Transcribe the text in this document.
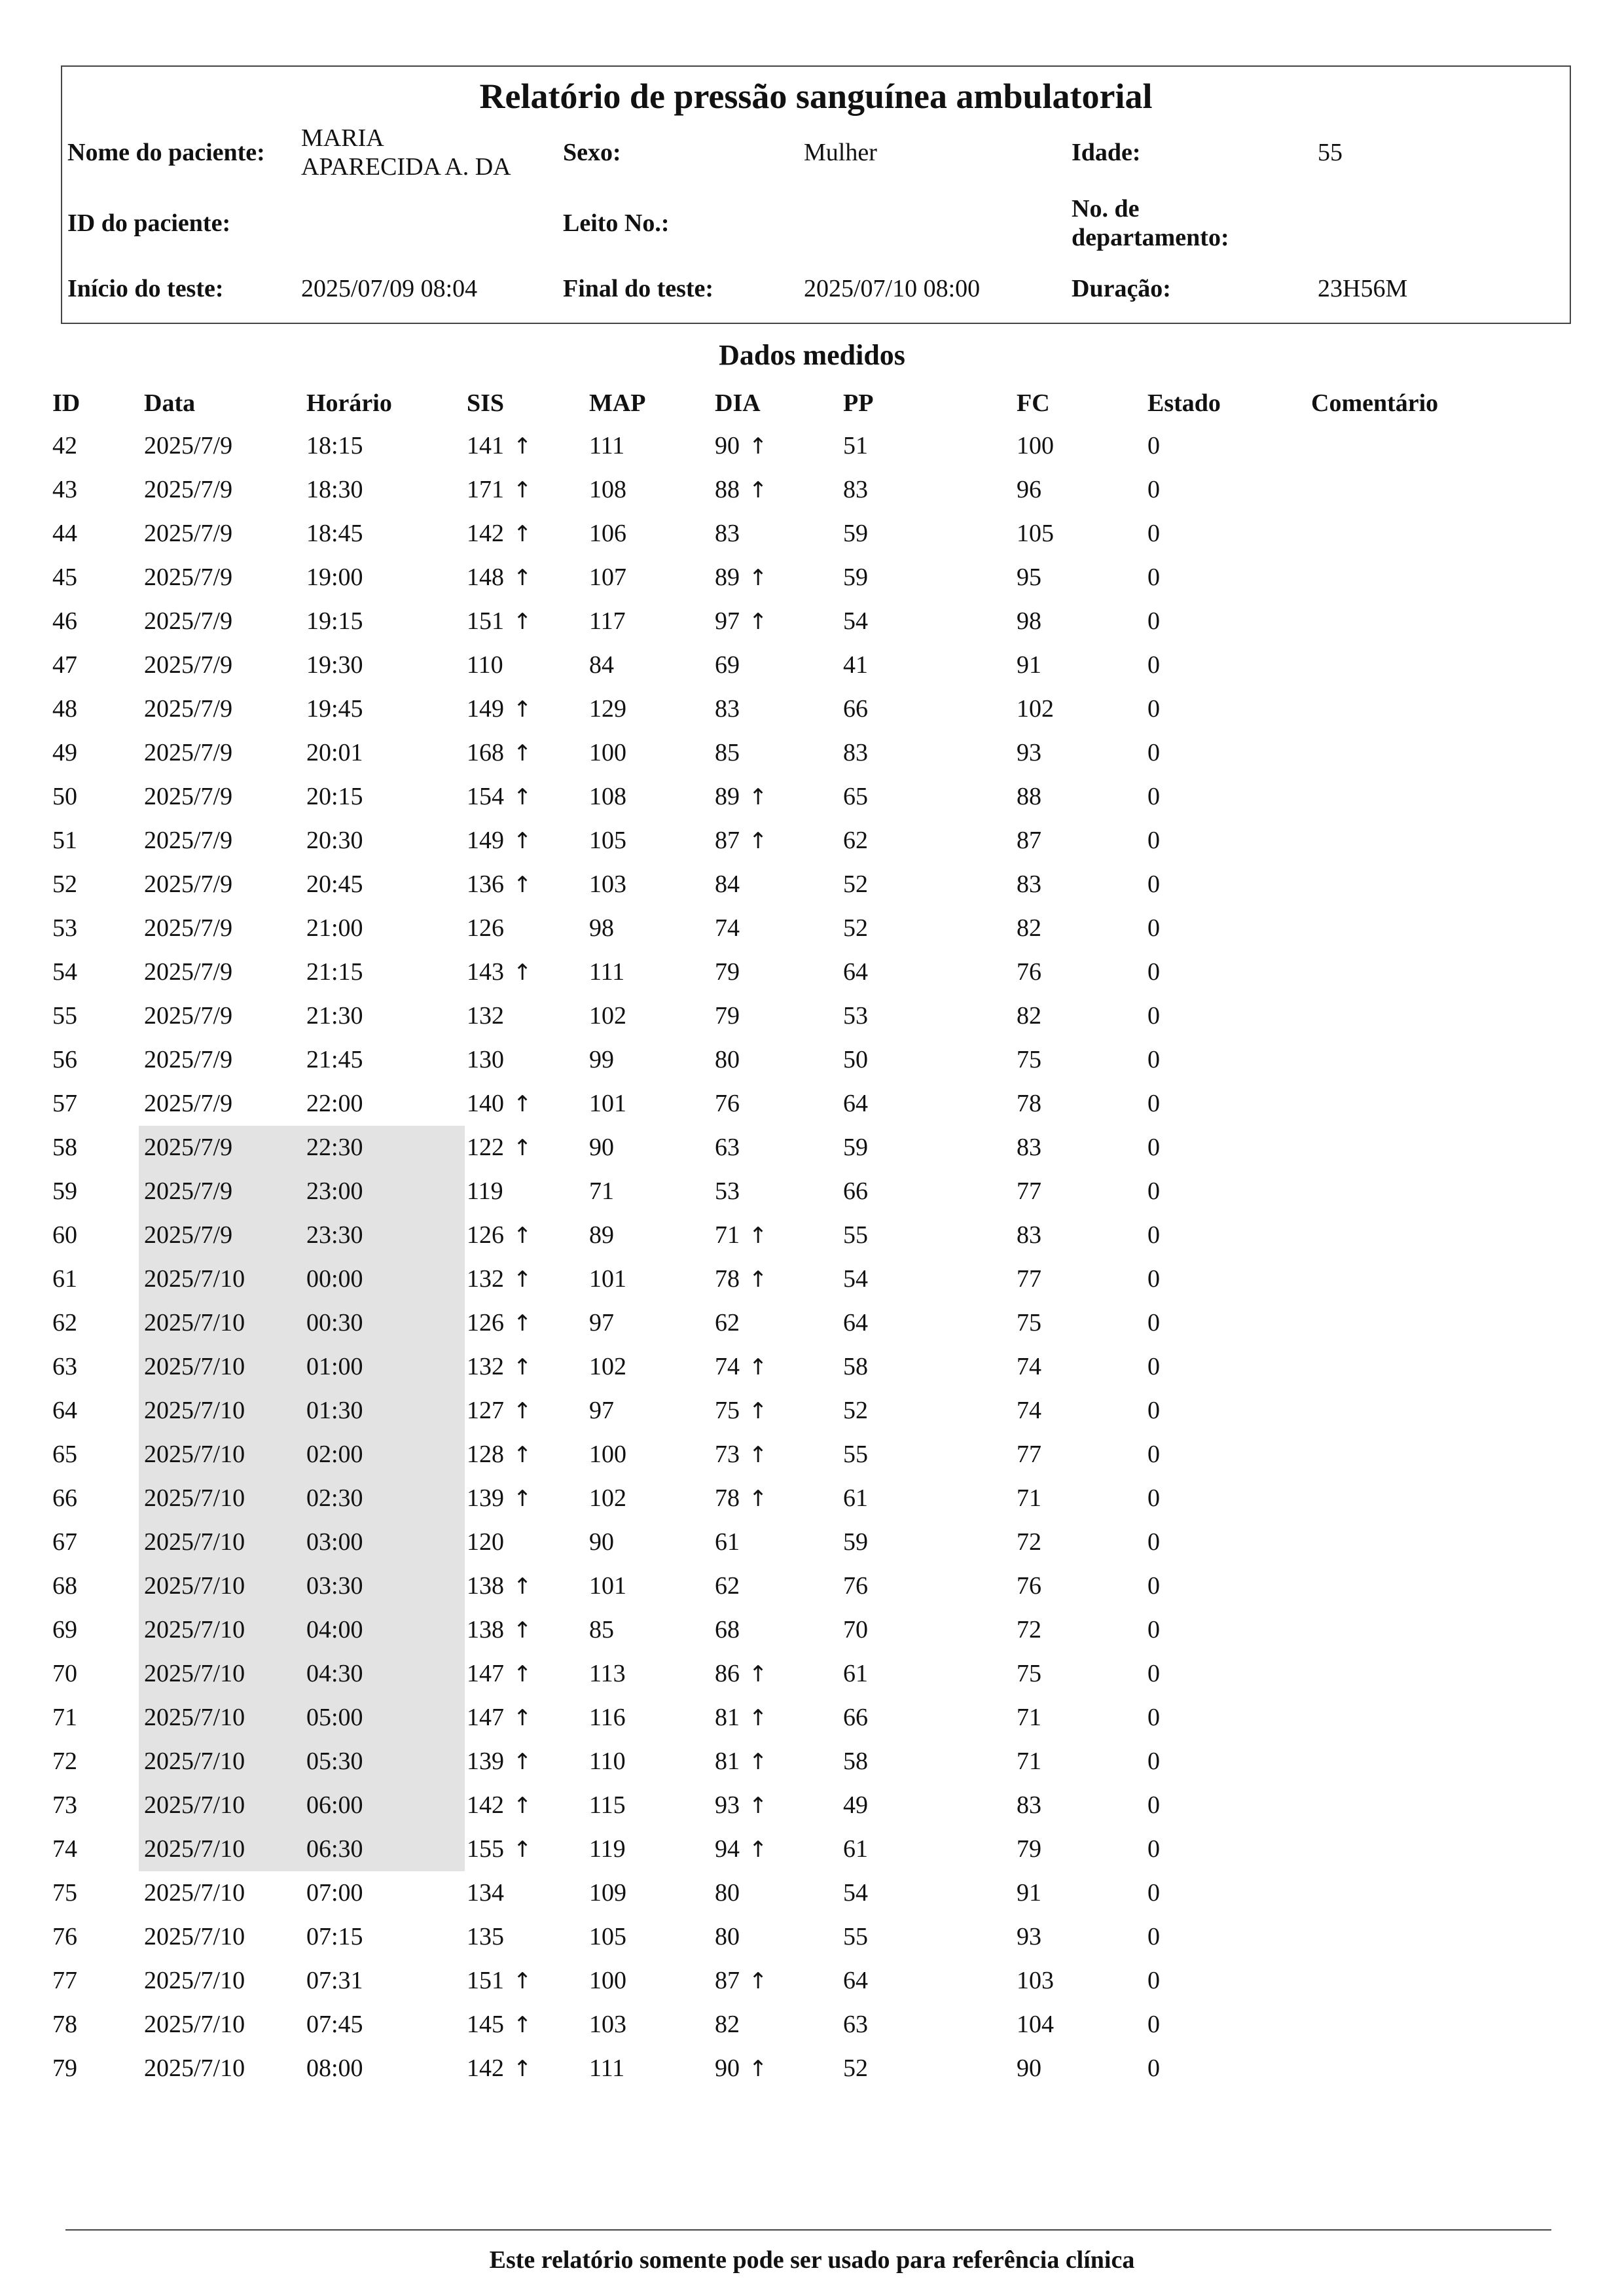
Relatório de pressão sanguínea ambulatorial
Nome do paciente:
MARIA
APARECIDA A. DA
Sexo:	Mulher	Idade:	55
ID do paciente:	Leito No.:
No. de
departamento:
Início do teste:	2025/07/09 08:04	Final do teste:	2025/07/10 08:00	Duração:	23H56M
Dados medidos
ID	Data	Horário	SIS	MAP	DIA	PP	FC	Estado	Comentário
42	2025/7/9	18:15	141 ↑ 111	90 ↑	51	100	0
43	2025/7/9	18:30	171 ↑ 108	88 ↑	83	96	0
44	2025/7/9	18:45	142 ↑ 106	83	59	105	0
45	2025/7/9	19:00	148 ↑ 107	89 ↑	59	95	0
46	2025/7/9	19:15	151 ↑ 117	97 ↑	54	98	0
47	2025/7/9	19:30	110	84	69	41	91	0
48	2025/7/9	19:45	149 ↑ 129	83	66	102	0
49	2025/7/9	20:01	168 ↑ 100	85	83	93	0
50	2025/7/9	20:15	154 ↑ 108	89 ↑	65	88	0
51	2025/7/9	20:30	149 ↑ 105	87 ↑	62	87	0
52	2025/7/9	20:45	136 ↑ 103	84	52	83	0
53	2025/7/9	21:00	126	98	74	52	82	0
54	2025/7/9	21:15	143 ↑ 111	79	64	76	0
55	2025/7/9	21:30	132	102	79	53	82	0
56	2025/7/9	21:45	130	99	80	50	75	0
57	2025/7/9	22:00	140 ↑ 101	76	64	78	0
58	2025/7/9	22:30	122 ↑ 90	63	59	83	0
59	2025/7/9	23:00	119	71	53	66	77	0
60	2025/7/9	23:30	126 ↑ 89	71 ↑	55	83	0
61	2025/7/10 00:00	132 ↑ 101	78 ↑	54	77	0
62	2025/7/10 00:30	126 ↑ 97	62	64	75	0
63	2025/7/10 01:00	132 ↑ 102	74 ↑	58	74	0
64	2025/7/10 01:30	127 ↑ 97	75 ↑	52	74	0
65	2025/7/10 02:00	128 ↑ 100	73 ↑	55	77	0
66	2025/7/10 02:30	139 ↑ 102	78 ↑	61	71	0
67	2025/7/10 03:00	120	90	61	59	72	0
68	2025/7/10 03:30	138 ↑ 101	62	76	76	0
69	2025/7/10 04:00	138 ↑ 85	68	70	72	0
70	2025/7/10 04:30	147 ↑ 113	86 ↑	61	75	0
71	2025/7/10 05:00	147 ↑ 116	81 ↑	66	71	0
72	2025/7/10 05:30	139 ↑ 110	81 ↑	58	71	0
73	2025/7/10 06:00	142 ↑ 115	93 ↑	49	83	0
74	2025/7/10 06:30	155 ↑ 119	94 ↑	61	79	0
75	2025/7/10 07:00	134	109	80	54	91	0
76	2025/7/10 07:15	135	105	80	55	93	0
77	2025/7/10 07:31	151 ↑ 100	87 ↑	64	103	0
78	2025/7/10 07:45	145 ↑ 103	82	63	104	0
79	2025/7/10 08:00	142 ↑ 111	90 ↑	52	90	0
Este relatório somente pode ser usado para referência clínica
